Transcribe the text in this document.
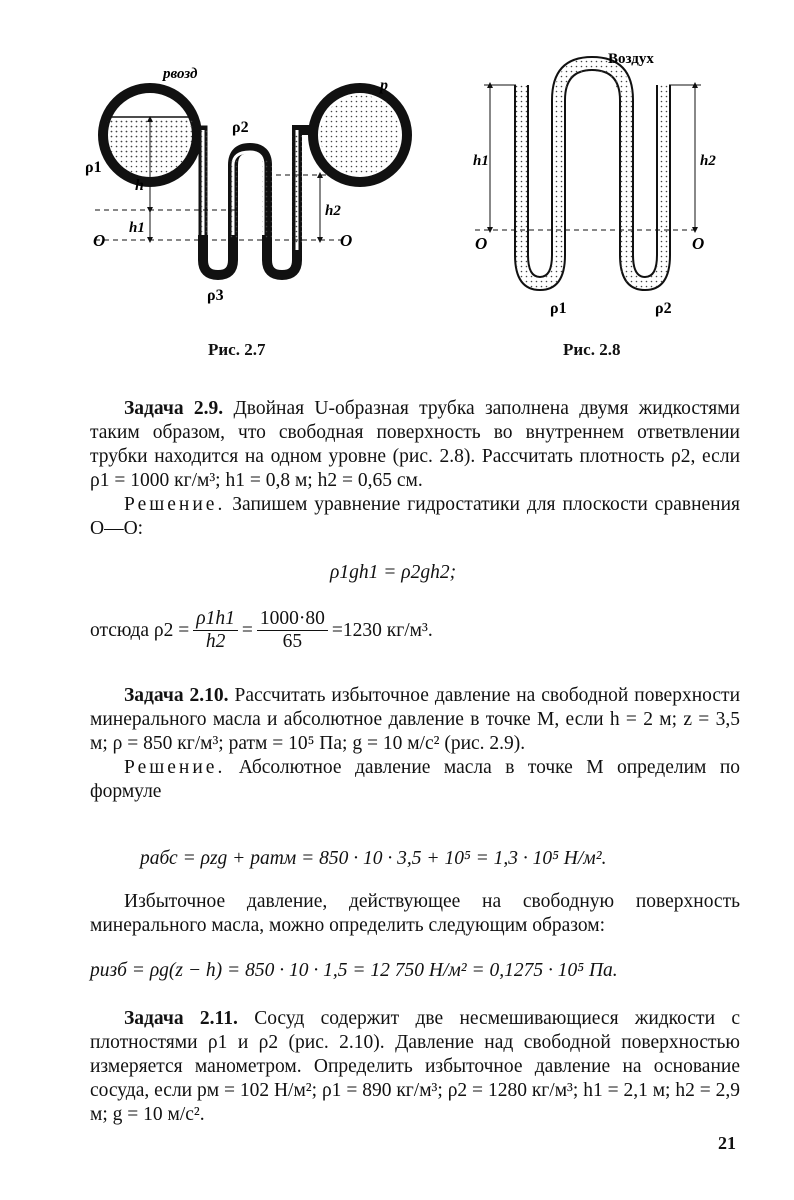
pвозд
p
ρ1
ρ2
ρ3
h
h1
h2
O	O
Рис. 2.7
Воздух
h1	h2
O	O
ρ1	ρ2
Рис. 2.8

Задача 2.9. Двойная U-образная трубка заполнена двумя жидкостями таким образом, что свободная поверхность во внутреннем ответвлении трубки находится на одном уровне (рис. 2.8). Рассчитать плотность ρ2, если ρ1 = 1000 кг/м³; h1 = 0,8 м; h2 = 0,65 см.

Решение. Запишем уравнение гидростатики для плоскости сравнения O—O:

ρ1gh1 = ρ2gh2;
отсюда $\rho 2 = \frac{\rho 1h1}{h2} = \frac{1000\cdot 80}{65} =1230$ кг/м³.

Задача 2.10. Рассчитать избыточное давление на свободной поверхности минерального масла и абсолютное давление в точке M, если h = 2 м; z = 3,5 м; ρ = 850 кг/м³; pатм = 10⁵ Па; g = 10 м/с² (рис. 2.9).

Решение. Абсолютное давление масла в точке M определим по формуле

pабс = ρzg + pатм = 850 · 10 · 3,5 + 10⁵ = 1,3 · 10⁵ Н/м².

Избыточное давление, действующее на свободную поверхность минерального масла, можно определить следующим образом:

pизб = ρg(z − h) = 850 · 10 · 1,5 = 12 750 Н/м² = 0,1275 · 10⁵ Па.

Задача 2.11. Сосуд содержит две несмешивающиеся жидкости с плотностями ρ1 и ρ2 (рис. 2.10). Давление над свободной поверхностью измеряется манометром. Определить избыточное давление на основание сосуда, если pм = 102 Н/м²; ρ1 = 890 кг/м³; ρ2 = 1280 кг/м³; h1 = 2,1 м; h2 = 2,9 м; g = 10 м/с².

21
